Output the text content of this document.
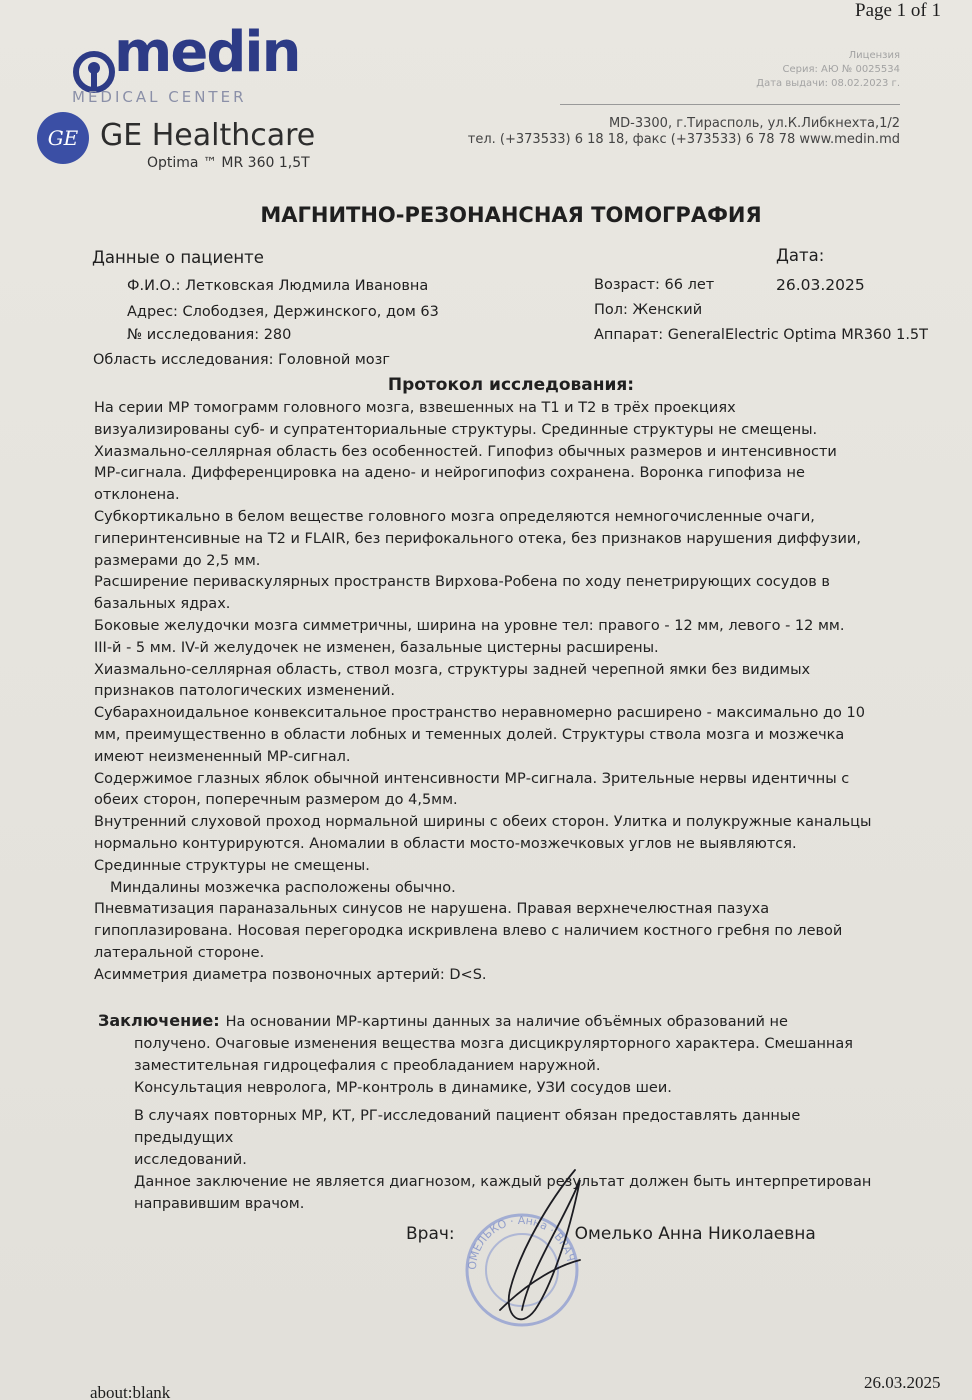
Page 1 of 1
medin
MEDICAL CENTER
GE GE Healthcare
Optima ™ MR 360 1,5T
Лицензия
Серия: АЮ № 0025534
Дата выдачи: 08.02.2023 г.
MD-3300, г.Тирасполь, ул.К.Либкнехта,1/2
тел. (+373533) 6 18 18, факс (+373533) 6 78 78 www.medin.md
МАГНИТНО-РЕЗОНАНСНАЯ ТОМОГРАФИЯ
Данные о пациенте	Дата:
26.03.2025
Ф.И.О.: Летковская Людмила Ивановна
Адрес: Слободзея, Держинского, дом 63
№ исследования: 280
Область исследования: Головной мозг
Возраст: 66 лет
Пол: Женский
Аппарат: GeneralElectric Optima MR360 1.5T
Протокол исследования:

На серии МР томограмм головного мозга, взвешенных на Т1 и Т2 в трёх проекциях
визуализированы суб- и супратенториальные структуры. Срединные структуры не смещены.

Хиазмально-селлярная область без особенностей. Гипофиз обычных размеров и интенсивности
МР-сигнала. Дифференцировка на адено- и нейрогипофиз сохранена. Воронка гипофиза не
отклонена.

Субкортикально в белом веществе головного мозга определяются немногочисленные очаги,
гиперинтенсивные на Т2 и FLAIR, без перифокального отека, без признаков нарушения диффузии,
размерами до 2,5 мм.

Расширение периваскулярных пространств Вирхова-Робена по ходу пенетрирующих сосудов в
базальных ядрах.

Боковые желудочки мозга симметричны, ширина на уровне тел: правого - 12 мм, левого - 12 мм.
III-й - 5 мм. IV-й желудочек не изменен, базальные цистерны расширены.

Хиазмально-селлярная область, ствол мозга, структуры задней черепной ямки без видимых
признаков патологических изменений.

Субарахноидальное конвекситальное пространство неравномерно расширено - максимально до 10
мм, преимущественно в области лобных и теменных долей. Структуры ствола мозга и мозжечка
имеют неизмененный МР-сигнал.

Содержимое глазных яблок обычной интенсивности МР-сигнала. Зрительные нервы идентичны с
обеих сторон, поперечным размером до 4,5мм.

Внутренний слуховой проход нормальной ширины с обеих сторон. Улитка и полукружные канальцы
нормально контурируются. Аномалии в области мосто-мозжечковых углов не выявляются.
Срединные структуры не смещены.

Миндалины мозжечка расположены обычно.

Пневматизация параназальных синусов не нарушена. Правая верхнечелюстная пазуха
гипоплазирована. Носовая перегородка искривлена влево с наличием костного гребня по левой
латеральной стороне.

Асимметрия диаметра позвоночных артерий: D<S.

Заключение: На основании МР-картины данных за наличие объёмных образований не
получено. Очаговые изменения вещества мозга дисцикрулярторного характера. Смешанная
заместительная гидроцефалия с преобладанием наружной.
Консультация невролога, МР-контроль в динамике, УЗИ сосудов шеи.
В случаях повторных МР, КТ, РГ-исследований пациент обязан предоставлять данные предыдущих
исследований.
Данное заключение не является диагнозом, каждый результат должен быть интерпретирован
направившим врачом.
ОМЕЛЬКО · Анна · ВРАЧ
Врач:	Омелько Анна Николаевна
about:blank
26.03.2025
